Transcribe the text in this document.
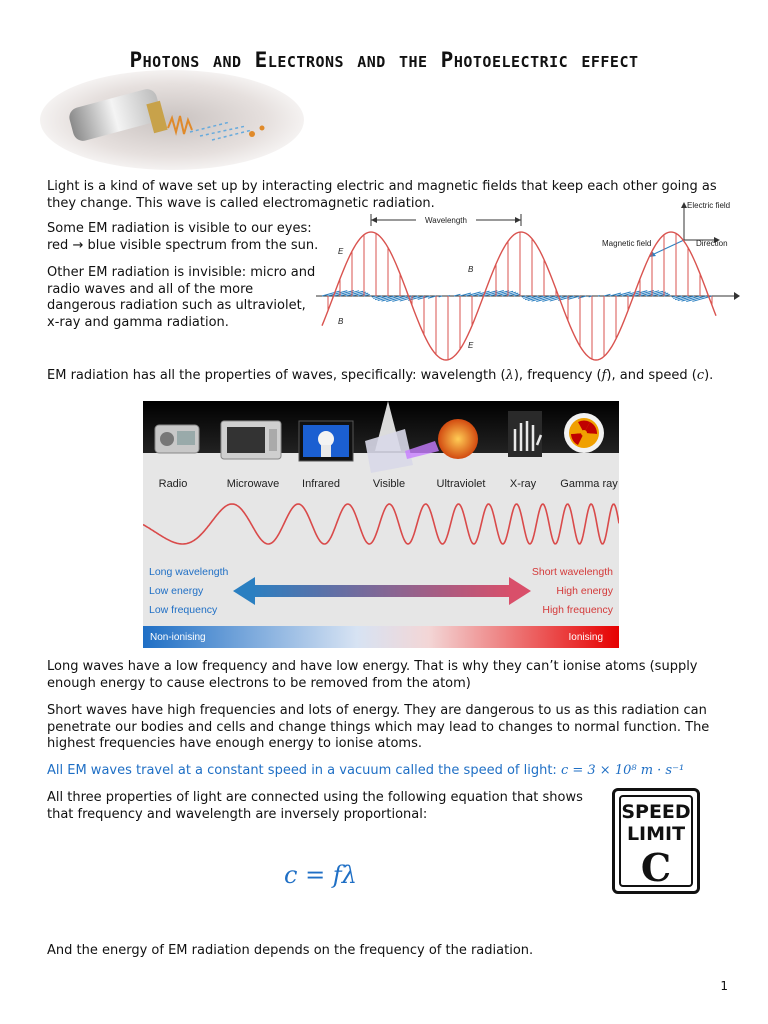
Photons and Electrons and the Photoelectric effect
Light is a kind of wave set up by interacting electric and magnetic fields that keep each other going as they change. This wave is called electromagnetic radiation.
Some EM radiation is visible to our eyes:
red → blue visible spectrum from the sun.
Other EM radiation is invisible: micro and
radio waves and all of the more
dangerous radiation such as ultraviolet,
x-ray and gamma radiation.
Wavelength
Electric field
Direction
Magnetic field
E
B
B
E
EM radiation has all the properties of waves, specifically: wavelength (λ), frequency (f), and speed (c).
Radio	Microwave Infrared	Visible	Ultraviolet X-ray Gamma ray
Long wavelength
Low energy
Low frequency
Short wavelength
High energy
High frequency
Non-ionising	Ionising
Long waves have a low frequency and have low energy. That is why they can’t ionise atoms (supply enough energy to cause electrons to be removed from the atom)
Short waves have high frequencies and lots of energy. They are dangerous to us as this radiation can penetrate our bodies and cells and change things which may lead to changes to normal function. The highest frequencies have enough energy to ionise atoms.
All EM waves travel at a constant speed in a vacuum called the speed of light: c = 3 × 10⁸ m · s⁻¹
All three properties of light are connected using the following equation that shows
that frequency and wavelength are inversely proportional:
c = fλ
SPEED
LIMIT
C
And the energy of EM radiation depends on the frequency of the radiation.
1
